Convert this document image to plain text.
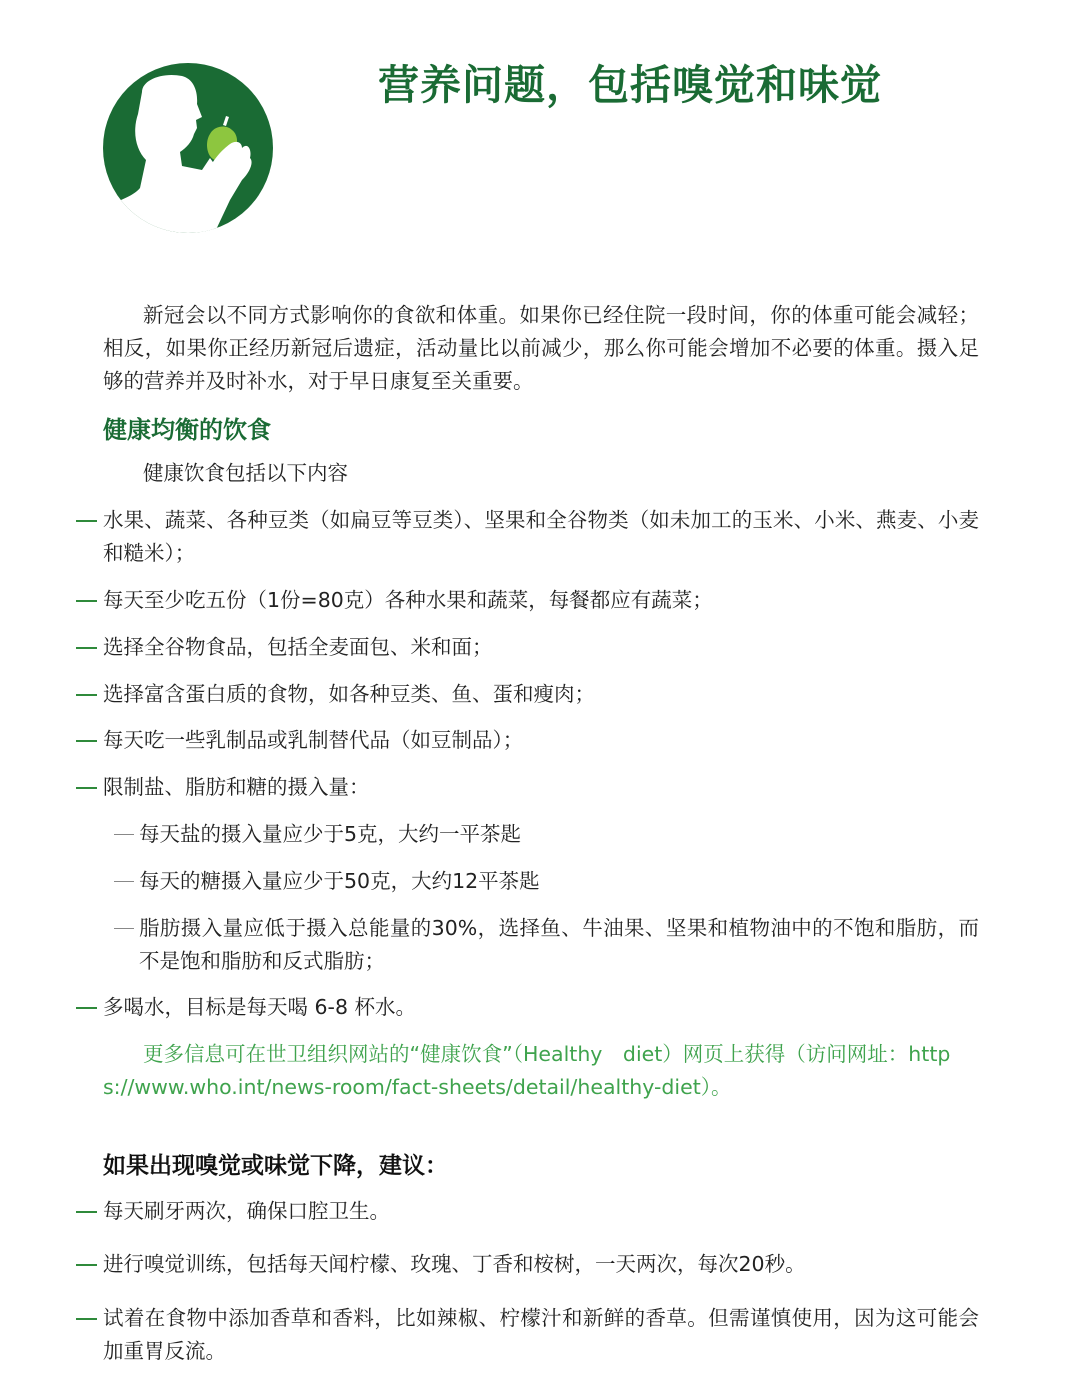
营养问题，包括嗅觉和味觉

新冠会以不同方式影响你的食欲和体重。如果你已经住院一段时间，你的体重可能会减轻；相反，如果你正经历新冠后遗症，活动量比以前减少，那么你可能会增加不必要的体重。摄入足够的营养并及时补水，对于早日康复至关重要。

健康均衡的饮食

健康饮食包括以下内容

水果、蔬菜、各种豆类（如扁豆等豆类）、坚果和全谷物类（如未加工的玉米、小米、燕麦、小麦和糙米）；

每天至少吃五份（1份=80克）各种水果和蔬菜，每餐都应有蔬菜；

选择全谷物食品，包括全麦面包、米和面；

选择富含蛋白质的食物，如各种豆类、鱼、蛋和瘦肉；

每天吃一些乳制品或乳制替代品（如豆制品）；

限制盐、脂肪和糖的摄入量：

每天盐的摄入量应少于5克，大约一平茶匙

每天的糖摄入量应少于50克，大约12平茶匙

脂肪摄入量应低于摄入总能量的30%，选择鱼、牛油果、坚果和植物油中的不饱和脂肪，而不是饱和脂肪和反式脂肪；

多喝水，目标是每天喝 6-8 杯水。

更多信息可在世卫组织网站的“健康饮食”（Healthy　diet）网页上获得（访问网址：https://www.who.int/news-room/fact-sheets/detail/healthy-diet）。

如果出现嗅觉或味觉下降，建议：

每天刷牙两次，确保口腔卫生。

进行嗅觉训练，包括每天闻柠檬、玫瑰、丁香和桉树，一天两次，每次20秒。

试着在食物中添加香草和香料，比如辣椒、柠檬汁和新鲜的香草。但需谨慎使用，因为这可能会加重胃反流。
